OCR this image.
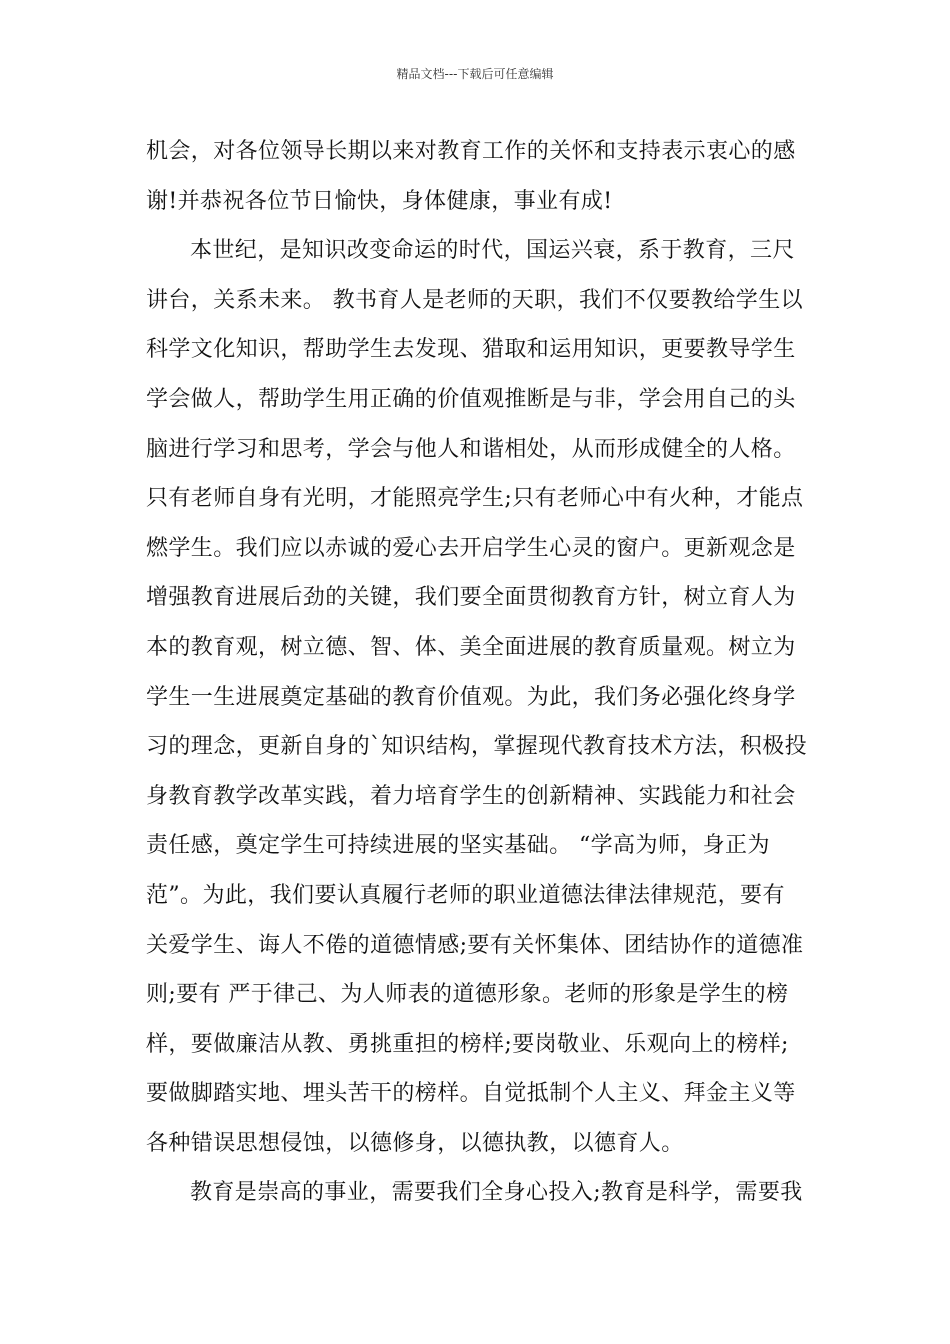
精品文档---下载后可任意编辑
机会，对各位领导长期以来对教育工作的关怀和支持表示衷心的感
谢!并恭祝各位节日愉快，身体健康，事业有成!
本世纪，是知识改变命运的时代，国运兴衰，系于教育，三尺
讲台，关系未来。 教书育人是老师的天职，我们不仅要教给学生以
科学文化知识，帮助学生去发现、猎取和运用知识，更要教导学生
学会做人，帮助学生用正确的价值观推断是与非，学会用自己的头
脑进行学习和思考，学会与他人和谐相处，从而形成健全的人格。
只有老师自身有光明，才能照亮学生;只有老师心中有火种，才能点
燃学生。我们应以赤诚的爱心去开启学生心灵的窗户。更新观念是
增强教育进展后劲的关键，我们要全面贯彻教育方针，树立育人为
本的教育观，树立德、智、体、美全面进展的教育质量观。树立为
学生一生进展奠定基础的教育价值观。为此，我们务必强化终身学
习的理念，更新自身的`知识结构，掌握现代教育技术方法，积极投
身教育教学改革实践，着力培育学生的创新精神、实践能力和社会
责任感，奠定学生可持续进展的坚实基础。 “学高为师，身正为
范”。为此，我们要认真履行老师的职业道德法律法律规范，要有
关爱学生、诲人不倦的道德情感;要有关怀集体、团结协作的道德准
则;要有 严于律己、为人师表的道德形象。老师的形象是学生的榜
样，要做廉洁从教、勇挑重担的榜样;要岗敬业、乐观向上的榜样;
要做脚踏实地、埋头苦干的榜样。自觉抵制个人主义、拜金主义等
各种错误思想侵蚀，以德修身，以德执教，以德育人。
教育是崇高的事业，需要我们全身心投入;教育是科学，需要我
